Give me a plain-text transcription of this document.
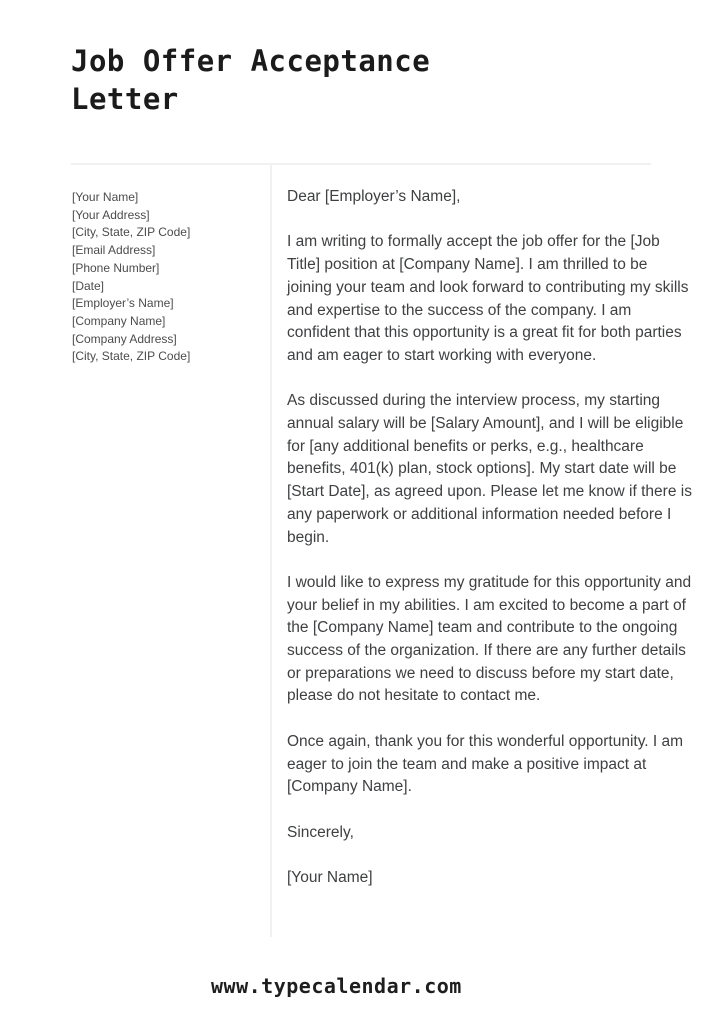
Job Offer Acceptance Letter
[Your Name]
[Your Address]
[City, State, ZIP Code]
[Email Address]
[Phone Number]
[Date]
[Employer’s Name]
[Company Name]
[Company Address]
[City, State, ZIP Code]

Dear [Employer’s Name],

I am writing to formally accept the job offer for the [Job Title] position at [Company Name]. I am thrilled to be joining your team and look forward to contributing my skills and expertise to the success of the company. I am confident that this opportunity is a great fit for both parties and am eager to start working with everyone.

As discussed during the interview process, my starting annual salary will be [Salary Amount], and I will be eligible for [any additional benefits or perks, e.g., healthcare benefits, 401(k) plan, stock options]. My start date will be [Start Date], as agreed upon. Please let me know if there is any paperwork or additional information needed before I begin.

I would like to express my gratitude for this opportunity and your belief in my abilities. I am excited to become a part of the [Company Name] team and contribute to the ongoing success of the organization. If there are any further details or preparations we need to discuss before my start date, please do not hesitate to contact me.

Once again, thank you for this wonderful opportunity. I am eager to join the team and make a positive impact at [Company Name].

Sincerely,

[Your Name]

www.typecalendar.com
